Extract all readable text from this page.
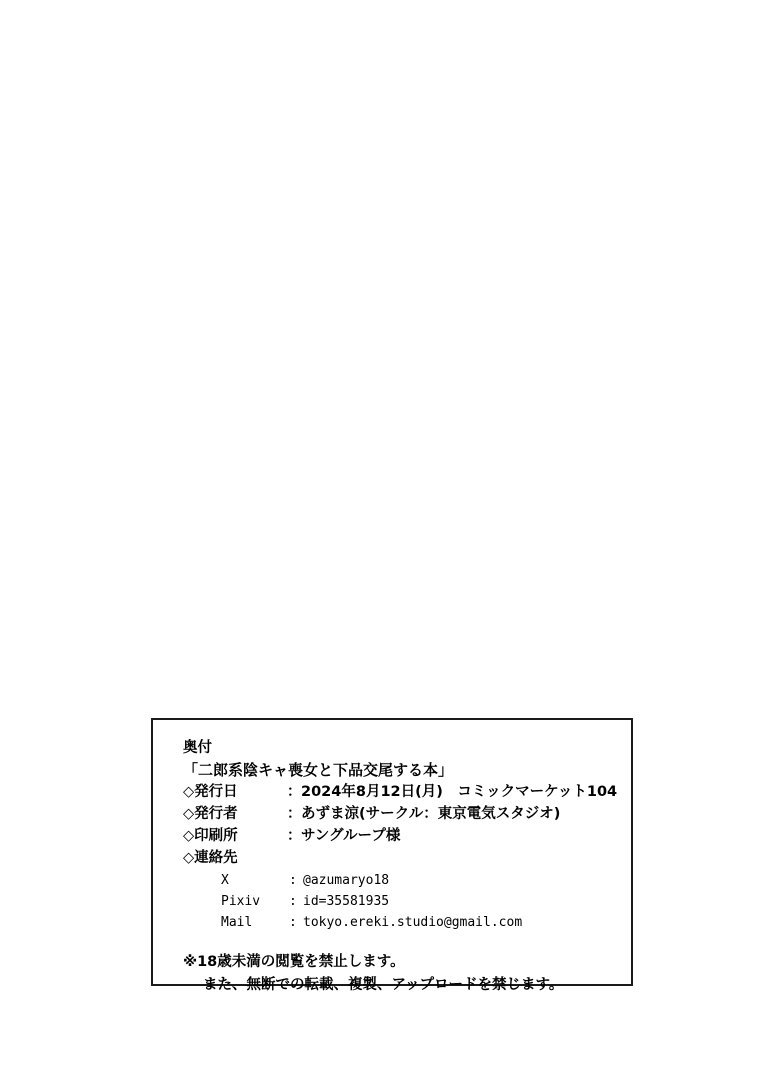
奥付
「二郎系陰キャ喪女と下品交尾する本」
◇発行日	： 2024年8月12日(月)　コミックマーケット104
◇発行者	： あずま涼(サークル：東京電気スタジオ)
◇印刷所	： サングループ様
◇連絡先
X	: @azumaryo18
Pixiv	: id=35581935
Mail	: tokyo.ereki.studio@gmail.com
※18歳未満の閲覧を禁止します。
また、無断での転載、複製、アップロードを禁じます。
